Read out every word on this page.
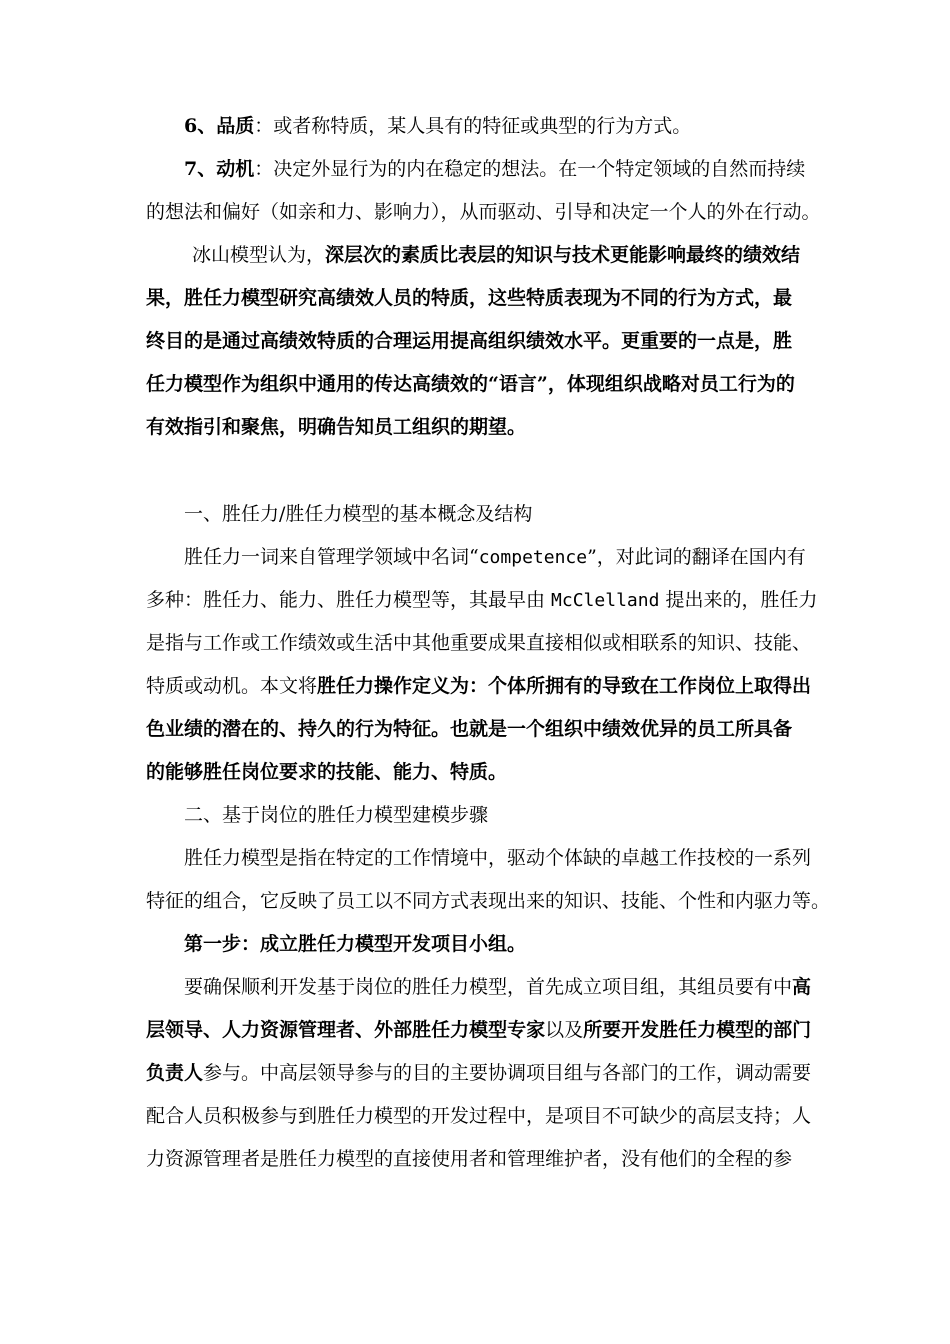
6、品质：或者称特质，某人具有的特征或典型的行为方式。

7、动机：决定外显行为的内在稳定的想法。在一个特定领域的自然而持续
的想法和偏好（如亲和力、影响力），从而驱动、引导和决定一个人的外在行动。

冰山模型认为，深层次的素质比表层的知识与技术更能影响最终的绩效结
果，胜任力模型研究高绩效人员的特质，这些特质表现为不同的行为方式，最
终目的是通过高绩效特质的合理运用提高组织绩效水平。更重要的一点是，胜
任力模型作为组织中通用的传达高绩效的“语言”，体现组织战略对员工行为的
有效指引和聚焦，明确告知员工组织的期望。

一、胜任力/胜任力模型的基本概念及结构

胜任力一词来自管理学领域中名词“competence”，对此词的翻译在国内有
多种：胜任力、能力、胜任力模型等，其最早由 McClelland 提出来的，胜任力
是指与工作或工作绩效或生活中其他重要成果直接相似或相联系的知识、技能、
特质或动机。本文将胜任力操作定义为：个体所拥有的导致在工作岗位上取得出
色业绩的潜在的、持久的行为特征。也就是一个组织中绩效优异的员工所具备
的能够胜任岗位要求的技能、能力、特质。

二、基于岗位的胜任力模型建模步骤

胜任力模型是指在特定的工作情境中，驱动个体缺的卓越工作技校的一系列
特征的组合，它反映了员工以不同方式表现出来的知识、技能、个性和内驱力等。

第一步：成立胜任力模型开发项目小组。

要确保顺利开发基于岗位的胜任力模型，首先成立项目组，其组员要有中高
层领导、人力资源管理者、外部胜任力模型专家以及所要开发胜任力模型的部门
负责人参与。中高层领导参与的目的主要协调项目组与各部门的工作，调动需要
配合人员积极参与到胜任力模型的开发过程中，是项目不可缺少的高层支持；人
力资源管理者是胜任力模型的直接使用者和管理维护者，没有他们的全程的参
